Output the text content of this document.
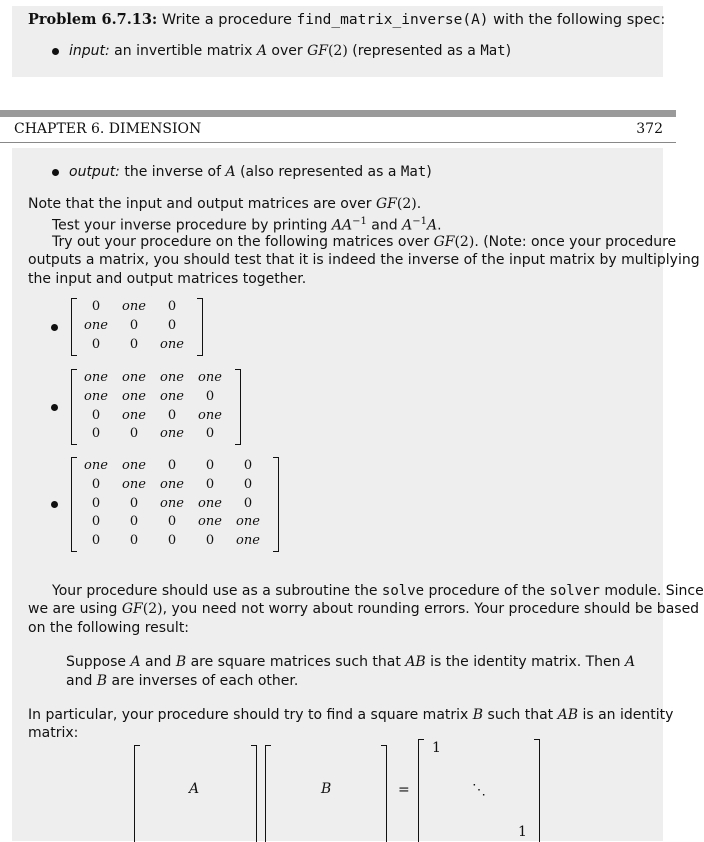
Problem 6.7.13: Write a procedure find_matrix_inverse(A) with the following spec:
input: an invertible matrix A over GF(2) (represented as a Mat)
CHAPTER 6. DIMENSION	372
output: the inverse of A (also represented as a Mat)
Note that the input and output matrices are over GF(2).
Test your inverse procedure by printing $AA^{-1}$ and $A^{-1}A$.
Try out your procedure on the following matrices over GF(2). (Note: once your procedure
outputs a matrix, you should test that it is indeed the inverse of the input matrix by multiplying
the input and output matrices together.
0	one	0
one	0	0
0	0	one
one	one	one	one
one	one	one	0
0	one	0	one
0	0	one	0
one	one	0	0	0
0	one	one	0	0
0	0	one	one	0
0	0	0	one	one
0	0	0	0	one
Your procedure should use as a subroutine the solve procedure of the solver module. Since
we are using GF(2), you need not worry about rounding errors. Your procedure should be based
on the following result:
Suppose A and B are square matrices such that AB is the identity matrix. Then A
and B are inverses of each other.
In particular, your procedure should try to find a square matrix B such that AB is an identity
matrix:
A	B	=
1
⋱
1
